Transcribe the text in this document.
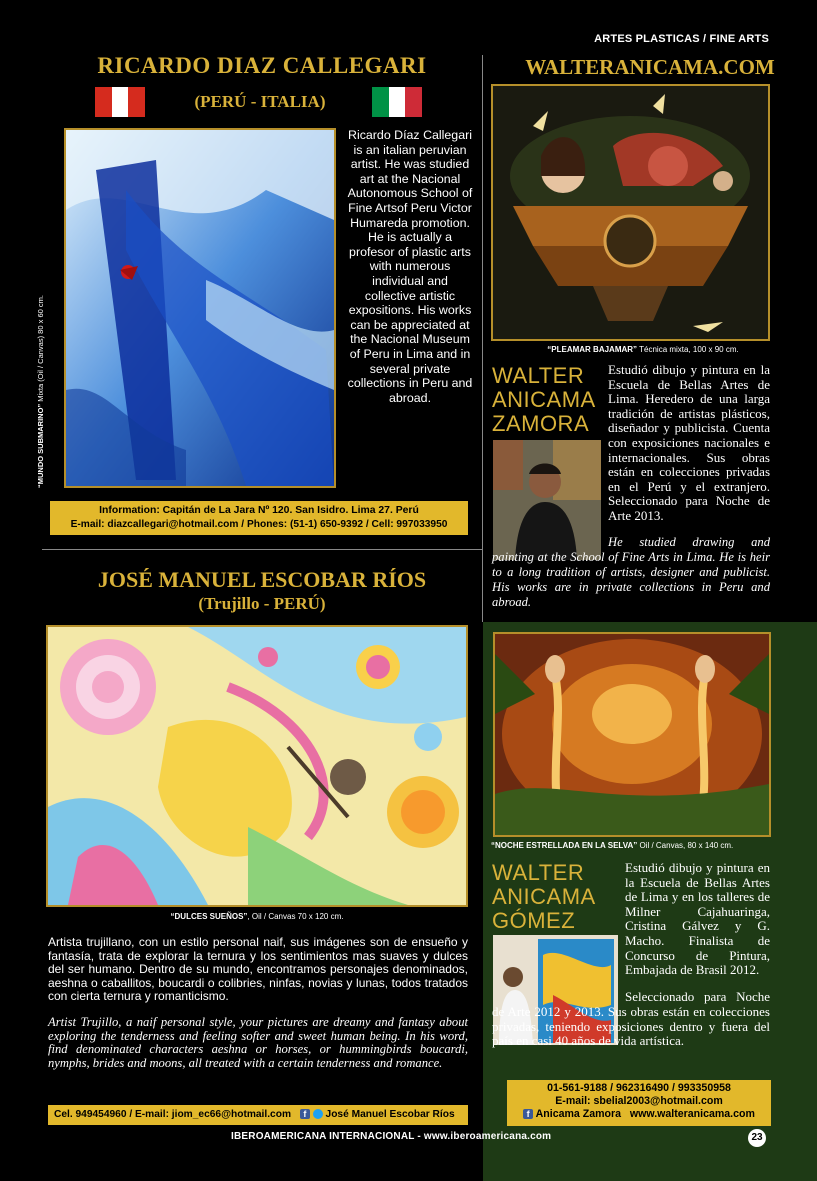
ARTES PLASTICAS / FINE ARTS
RICARDO DIAZ CALLEGARI
(PERÚ - ITALIA)
“MUNDO SUBMARINO” Mixta (Oil / Canvas) 80 x 60 cm.
Ricardo Díaz Callegari is an italian peruvian artist. He was studied art at the Nacional Autonomous School of Fine Artsof Peru Victor Humareda promotion. He is actually a profesor of plastic arts with numerous individual and collective artistic expositions. His works can be appreciated at the Nacional Museum of Peru in Lima and in several private collections in Peru and abroad.
Information: Capitán de La Jara Nº 120. San Isidro. Lima 27. Perú
E-mail: diazcallegari@hotmail.com / Phones: (51-1) 650-9392 / Cell: 997033950
JOSÉ MANUEL ESCOBAR RÍOS
(Trujillo - PERÚ)
“DULCES SUEÑOS”, Oil / Canvas 70 x 120 cm.
Artista trujillano, con un estilo personal naif, sus imágenes son de ensueño y fantasía, trata de explorar la ternura y los sentimientos mas suaves y dulces del ser humano. Dentro de su mundo, encontramos personajes denominados, aeshna o caballitos, boucardi o colibries, ninfas, novias y lunas, todos tratados con cierta ternura y romanticismo.
Artist Trujillo, a naif personal style, your pictures are dreamy and fantasy about exploring the tenderness and feeling softer and sweet human being. In his word, find denominated characters aeshna or horses, or hummingbirds boucardi, nymphs, brides and moons, all treated with a certain tenderness and romance.
Cel. 949454960 / E-mail: jiom_ec66@hotmail.com f José Manuel Escobar Ríos
WALTERANICAMA.COM
“PLEAMAR BAJAMAR” Técnica mixta, 100 x 90 cm.
WALTER
ANICAMA
ZAMORA
Estudió dibujo y pintura en la Escuela de Bellas Artes de Lima. Heredero de una larga tradición de artistas plásticos, diseñador y publicista. Cuenta con exposiciones nacionales e internacionales. Sus obras están en colecciones privadas en el Perú y el extranjero. Seleccionado para Noche de Arte 2013.
He studied drawing and painting at the School of Fine Arts in Lima. He is heir to a long tradition of artists, designer and publicist. His works are in private collections in Peru and abroad.
“NOCHE ESTRELLADA EN LA SELVA” Oil / Canvas, 80 x 140 cm.
WALTER
ANICAMA
GÓMEZ
Estudió dibujo y pintura en la Escuela de Bellas Artes de Lima y en los talleres de Milner Cajahuaringa, Cristina Gálvez y G. Macho. Finalista de Concurso de Pintura, Embajada de Brasil 2012.
Seleccionado para Noche de Arte 2012 y 2013. Sus obras están en colecciones privadas, teniendo exposiciones dentro y fuera del país en casi 40 años de vida artística.
01-561-9188 / 962316490 / 993350958
E-mail: sbelial2003@hotmail.com
f Anicama Zamora www.walteranicama.com
IBEROAMERICANA INTERNACIONAL - www.iberoamericana.com	23
